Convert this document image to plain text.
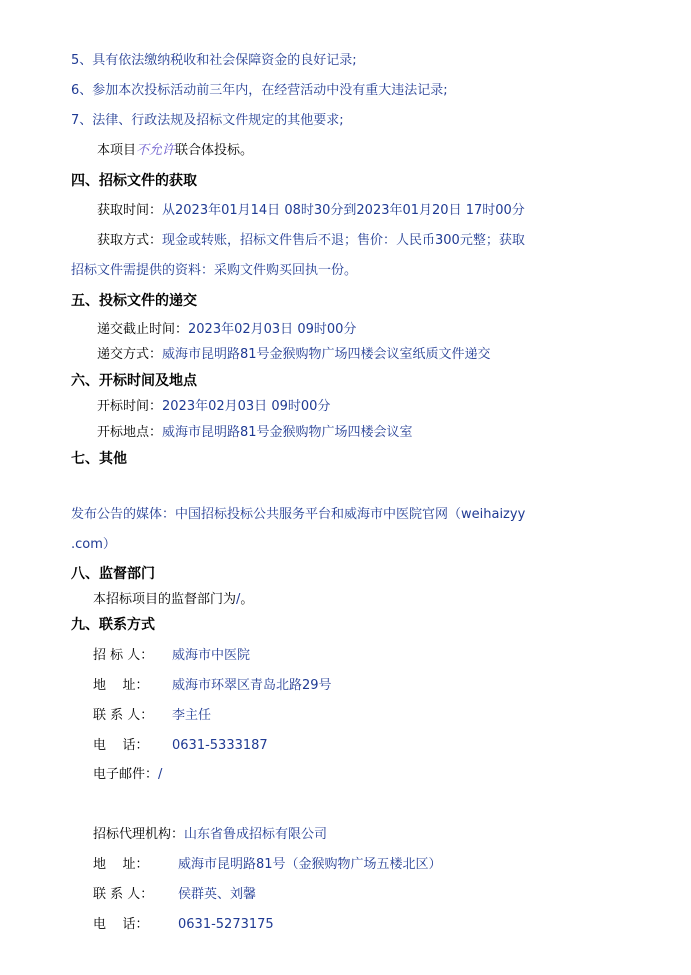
5、具有依法缴纳税收和社会保障资金的良好记录;
6、参加本次投标活动前三年内，在经营活动中没有重大违法记录;
7、法律、行政法规及招标文件规定的其他要求;
本项目不允许联合体投标。
四、招标文件的获取
获取时间：从2023年01月14日 08时30分到2023年01月20日 17时00分
获取方式：现金或转账，招标文件售后不退；售价：人民币300元整；获取
招标文件需提供的资料：采购文件购买回执一份。
五、投标文件的递交
递交截止时间：2023年02月03日 09时00分
递交方式：威海市昆明路81号金猴购物广场四楼会议室纸质文件递交
六、开标时间及地点
开标时间：2023年02月03日 09时00分
开标地点：威海市昆明路81号金猴购物广场四楼会议室
七、其他
发布公告的媒体：中国招标投标公共服务平台和威海市中医院官网（weihaizyy
.com）
八、监督部门
本招标项目的监督部门为/。
九、联系方式
招 标 人： 威海市中医院
地    址： 威海市环翠区青岛北路29号
联 系 人： 李主任
电    话： 0631-5333187
电子邮件：/
招标代理机构：山东省鲁成招标有限公司
地    址： 威海市昆明路81号（金猴购物广场五楼北区）
联 系 人： 侯群英、刘馨
电    话： 0631-5273175
